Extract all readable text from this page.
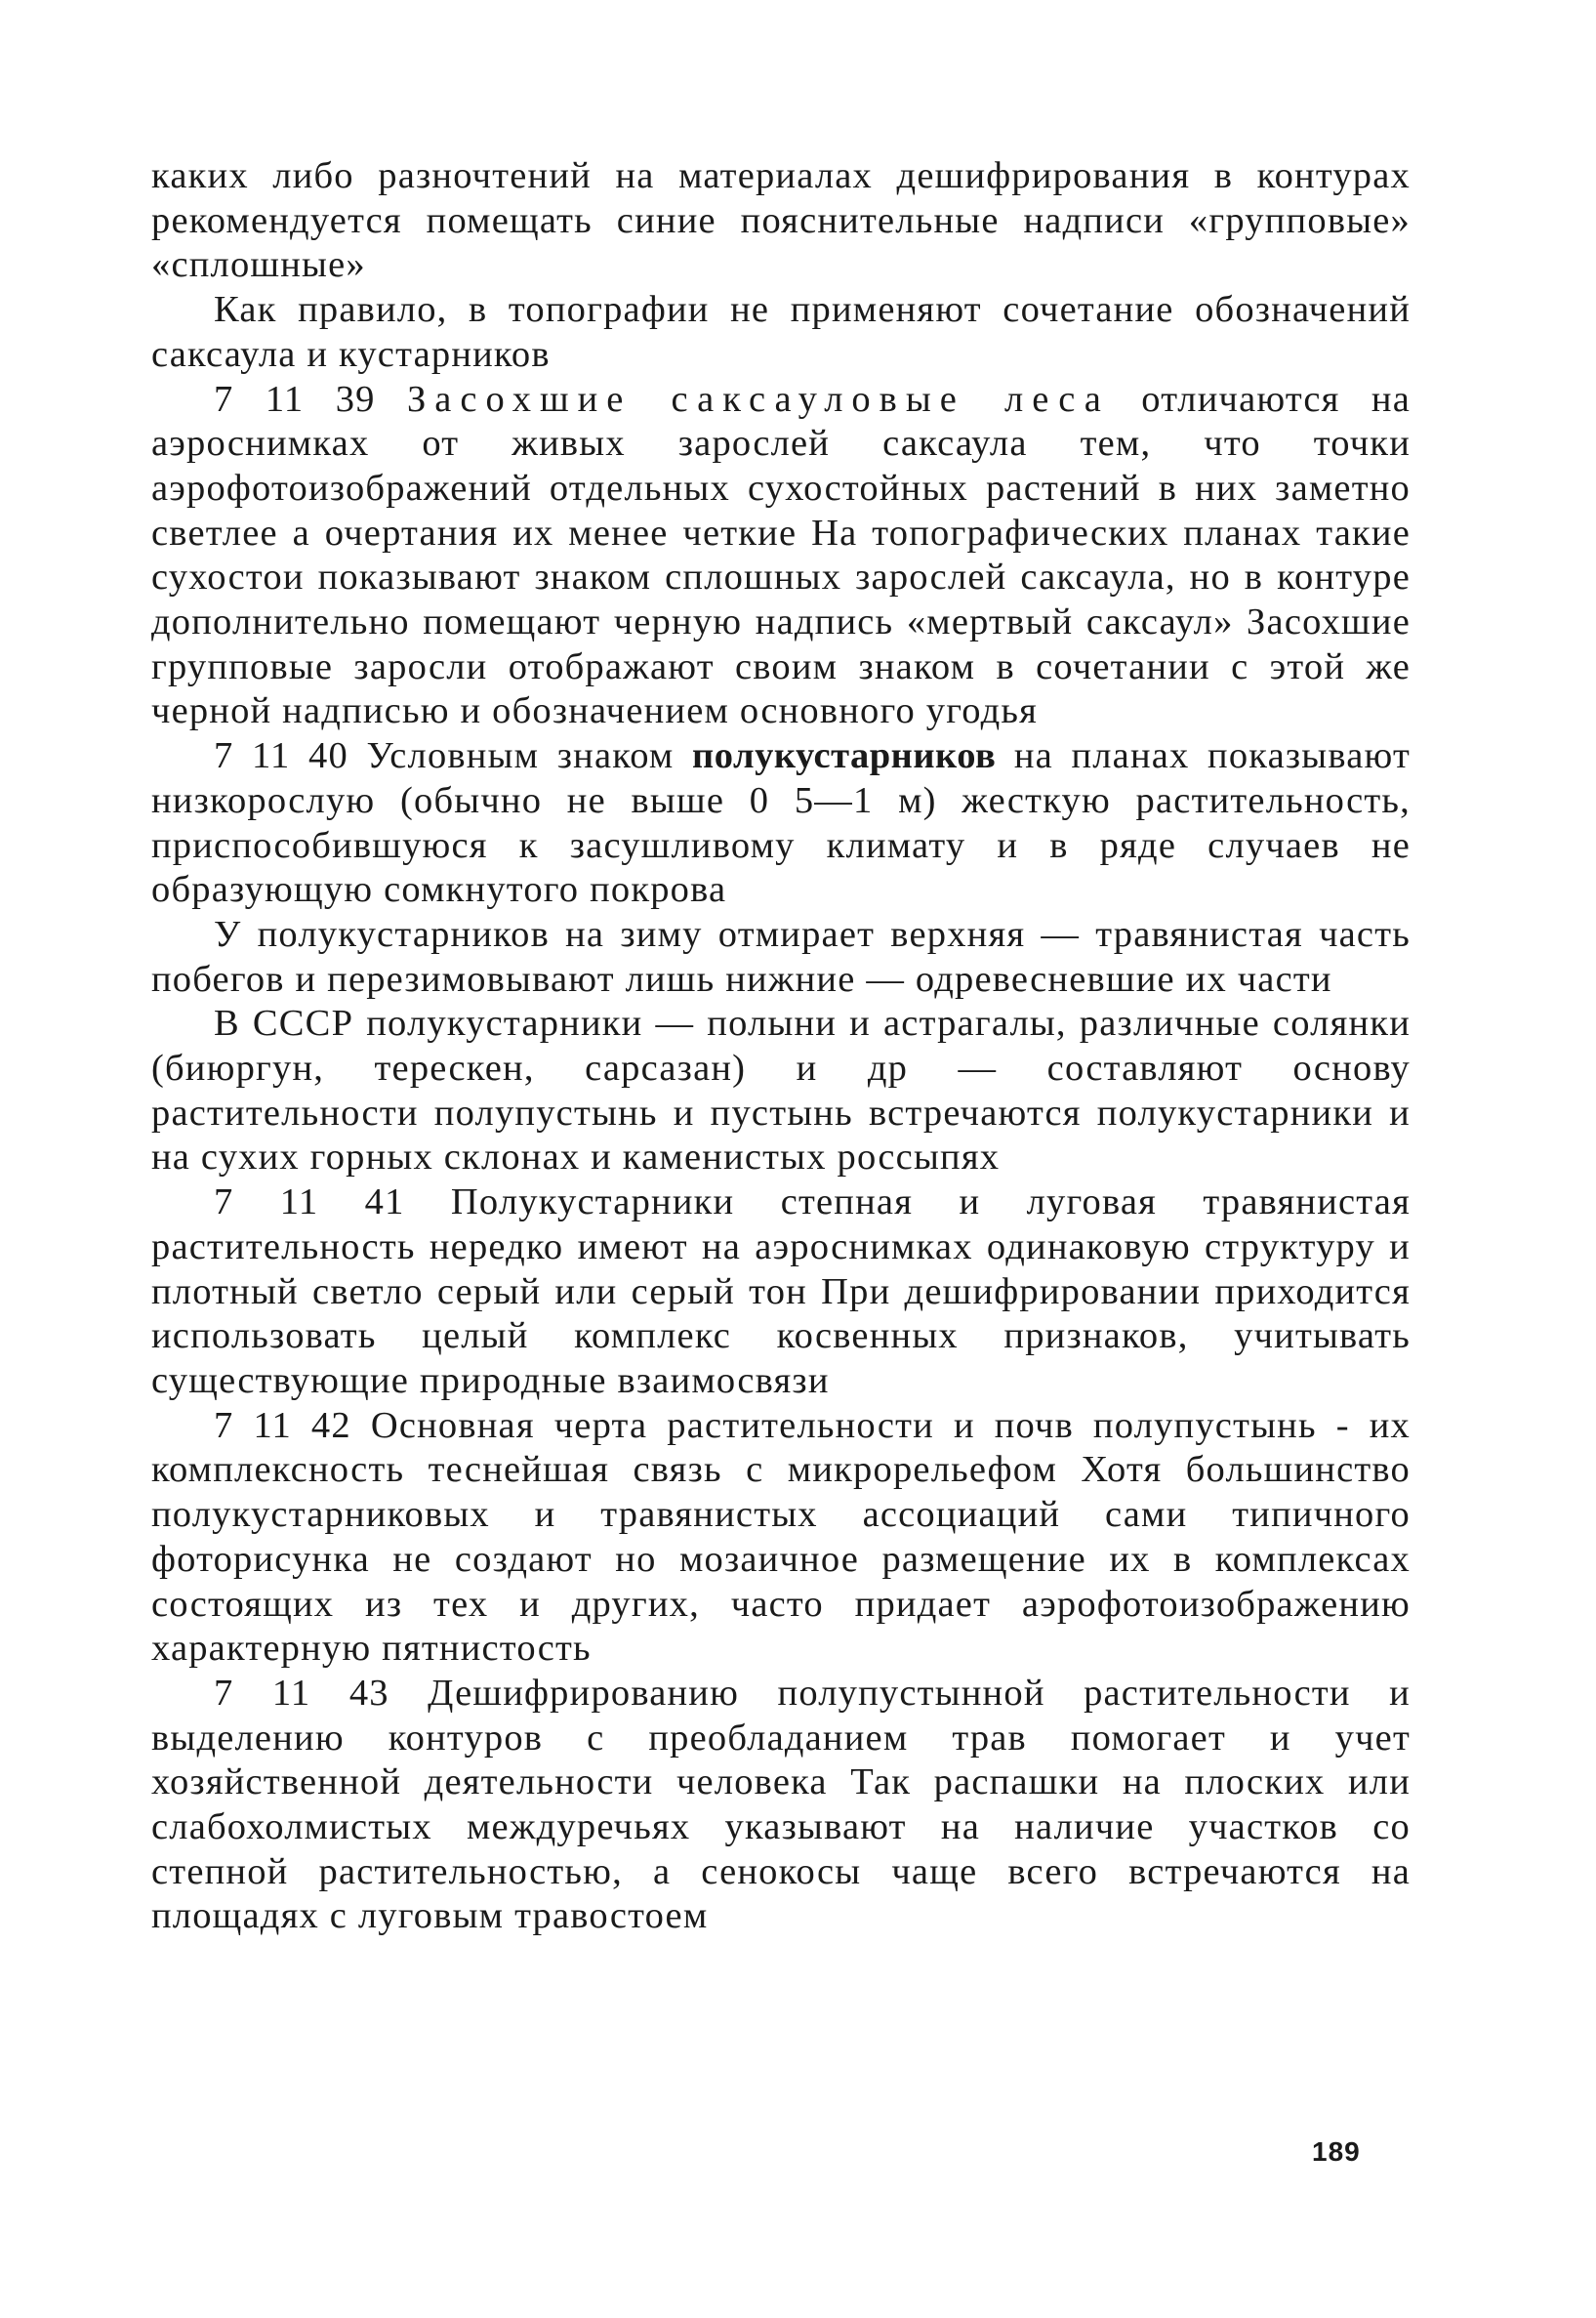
каких либо разночтений на материалах дешифрирования в контурах рекомендуется помещать синие пояснительные надписи «групповые» «сплошные»

Как правило, в топографии не применяют сочетание обозначений саксаула и кустарников

7 11 39 Засохшие саксауловые леса отличаются на аэроснимках от живых зарослей саксаула тем, что точки аэрофотоизображений отдельных сухостойных растений в них заметно светлее а очертания их менее четкие На топографических планах такие сухостои показывают знаком сплошных зарослей саксаула, но в контуре дополнительно помещают черную надпись «мертвый саксаул» Засохшие групповые заросли отображают своим знаком в сочетании с этой же черной надписью и обозначением основного угодья

7 11 40 Условным знаком полукустарников на планах показывают низкорослую (обычно не выше 0 5—1 м) жесткую растительность, приспособившуюся к засушливому климату и в ряде случаев не образующую сомкнутого покрова

У полукустарников на зиму отмирает верхняя — травянистая часть побегов и перезимовывают лишь нижние — одревесневшие их части

В СССР полукустарники — полыни и астрагалы, различные солянки (биюргун, терескен, сарсазан) и др — составляют основу растительности полупустынь и пустынь встречаются полукустарники и на сухих горных склонах и каменистых россыпях

7 11 41 Полукустарники степная и луговая травянистая растительность нередко имеют на аэроснимках одинаковую структуру и плотный светло серый или серый тон При дешифрировании приходится использовать целый комплекс косвенных признаков, учитывать существующие природные взаимосвязи

7 11 42 Основная черта растительности и почв полупустынь - их комплексность теснейшая связь с микрорельефом Хотя большинство полукустарниковых и травянистых ассоциаций сами типичного фоторисунка не создают но мозаичное размещение их в комплексах состоящих из тех и других, часто придает аэрофотоизображению характерную пятнистость

7 11 43 Дешифрированию полупустынной растительности и выделению контуров с преобладанием трав помогает и учет хозяйственной деятельности человека Так распашки на плоских или слабохолмистых междуречьях указывают на наличие участков со степной растительностью, а сенокосы чаще всего встречаются на площадях с луговым травостоем

189
